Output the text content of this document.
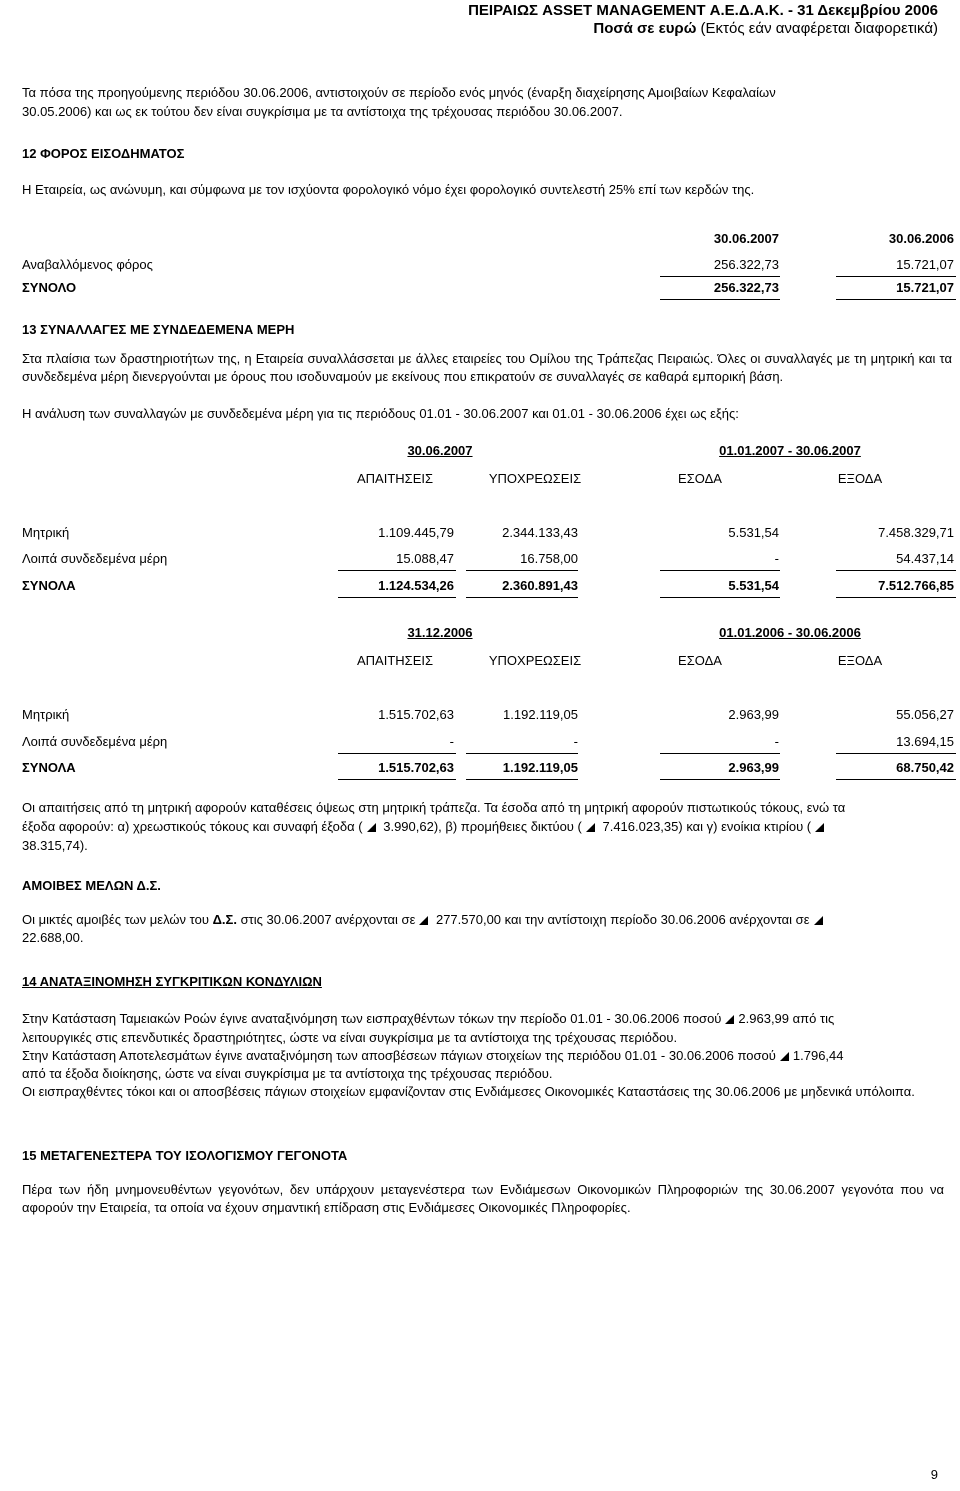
ΠΕΙΡΑΙΩΣ ASSET MANAGEMENT Α.Ε.Δ.Α.Κ. - 31 Δεκεμβρίου 2006
Ποσά σε ευρώ (Εκτός εάν αναφέρεται διαφορετικά)
Τα πόσα της προηγούμενης περιόδου 30.06.2006, αντιστοιχούν σε περίοδο ενός μηνός (έναρξη διαχείρησης Αμοιβαίων Κεφαλαίων
30.05.2006) και ως εκ τούτου δεν είναι συγκρίσιμα με τα αντίστοιχα της τρέχουσας περιόδου 30.06.2007.
12 ΦΟΡΟΣ ΕΙΣΟΔΗΜΑΤΟΣ
Η Εταιρεία, ως ανώνυμη, και σύμφωνα με τον ισχύοντα φορολογικό νόμο έχει φορολογικό συντελεστή 25% επί των κερδών της.
30.06.2007	30.06.2006
Αναβαλλόμενος φόρος	256.322,73	15.721,07
ΣΥΝΟΛΟ	256.322,73	15.721,07
13 ΣΥΝΑΛΛΑΓΕΣ ΜΕ ΣΥΝΔΕΔΕΜΕΝΑ ΜΕΡΗ
Στα πλαίσια των δραστηριοτήτων της, η Εταιρεία συναλλάσσεται με άλλες εταιρείες του Ομίλου της Τράπεζας Πειραιώς. Όλες οι συναλλαγές με τη μητρική και τα συνδεδεμένα μέρη διενεργούνται με όρους που ισοδυναμούν με εκείνους που επικρατούν σε συναλλαγές σε καθαρά εμπορική βάση.
Η ανάλυση των συναλλαγών με συνδεδεμένα μέρη για τις περιόδους 01.01 - 30.06.2007 και 01.01 - 30.06.2006 έχει ως εξής:
30.06.2007	01.01.2007 - 30.06.2007
ΑΠΑΙΤΗΣΕΙΣ	ΥΠΟΧΡΕΩΣΕΙΣ	ΕΣΟΔΑ	ΕΞΟΔΑ
Μητρική	1.109.445,79	2.344.133,43	5.531,54	7.458.329,71
Λοιπά συνδεδεμένα μέρη	15.088,47	16.758,00	-	54.437,14
ΣΥΝΟΛΑ	1.124.534,26	2.360.891,43	5.531,54	7.512.766,85
31.12.2006	01.01.2006 - 30.06.2006
ΑΠΑΙΤΗΣΕΙΣ	ΥΠΟΧΡΕΩΣΕΙΣ	ΕΣΟΔΑ	ΕΞΟΔΑ
Μητρική	1.515.702,63	1.192.119,05	2.963,99	55.056,27
Λοιπά συνδεδεμένα μέρη	-	-	-	13.694,15
ΣΥΝΟΛΑ	1.515.702,63	1.192.119,05	2.963,99	68.750,42
Οι απαιτήσεις από τη μητρική αφορούν καταθέσεις όψεως στη μητρική τράπεζα. Τα έσοδα από τη μητρική αφορούν πιστωτικούς τόκους, ενώ τα
έξοδα αφορούν: α) χρεωστικούς τόκους και συναφή έξοδα ( 3.990,62), β) προμήθειες δικτύου ( 7.416.023,35) και γ) ενοίκια κτιρίου (
38.315,74).
ΑΜΟΙΒΕΣ ΜΕΛΩΝ Δ.Σ.
Οι μικτές αμοιβές των μελών του Δ.Σ. στις 30.06.2007 ανέρχονται σε 277.570,00 και την αντίστοιχη περίοδο 30.06.2006 ανέρχονται σε
22.688,00.
14 ΑΝΑΤΑΞΙΝΟΜΗΣΗ ΣΥΓΚΡΙΤΙΚΩΝ ΚΟΝΔΥΛΙΩΝ
Στην Κατάσταση Ταμειακών Ροών έγινε αναταξινόμηση των εισπραχθέντων τόκων την περίοδο 01.01 - 30.06.2006 ποσού 2.963,99 από τις
λειτουργικές στις επενδυτικές δραστηριότητες, ώστε να είναι συγκρίσιμα με τα αντίστοιχα της τρέχουσας περιόδου.
Στην Κατάσταση Αποτελεσμάτων έγινε αναταξινόμηση των αποσβέσεων πάγιων στοιχείων της περιόδου 01.01 - 30.06.2006 ποσού 1.796,44
από τα έξοδα διοίκησης, ώστε να είναι συγκρίσιμα με τα αντίστοιχα της τρέχουσας περιόδου.
Οι εισπραχθέντες τόκοι και οι αποσβέσεις πάγιων στοιχείων εμφανίζονταν στις Ενδιάμεσες Οικονομικές Καταστάσεις της 30.06.2006 με μηδενικά υπόλοιπα.
15 ΜΕΤΑΓΕΝΕΣΤΕΡΑ ΤΟΥ ΙΣΟΛΟΓΙΣΜΟΥ ΓΕΓΟΝΟΤΑ
Πέρα των ήδη μνημονευθέντων γεγονότων, δεν υπάρχουν μεταγενέστερα των Ενδιάμεσων Οικονομικών Πληροφοριών της 30.06.2007 γεγονότα που να αφορούν την Εταιρεία, τα οποία να έχουν σημαντική επίδραση στις Ενδιάμεσες Οικονομικές Πληροφορίες.
9
